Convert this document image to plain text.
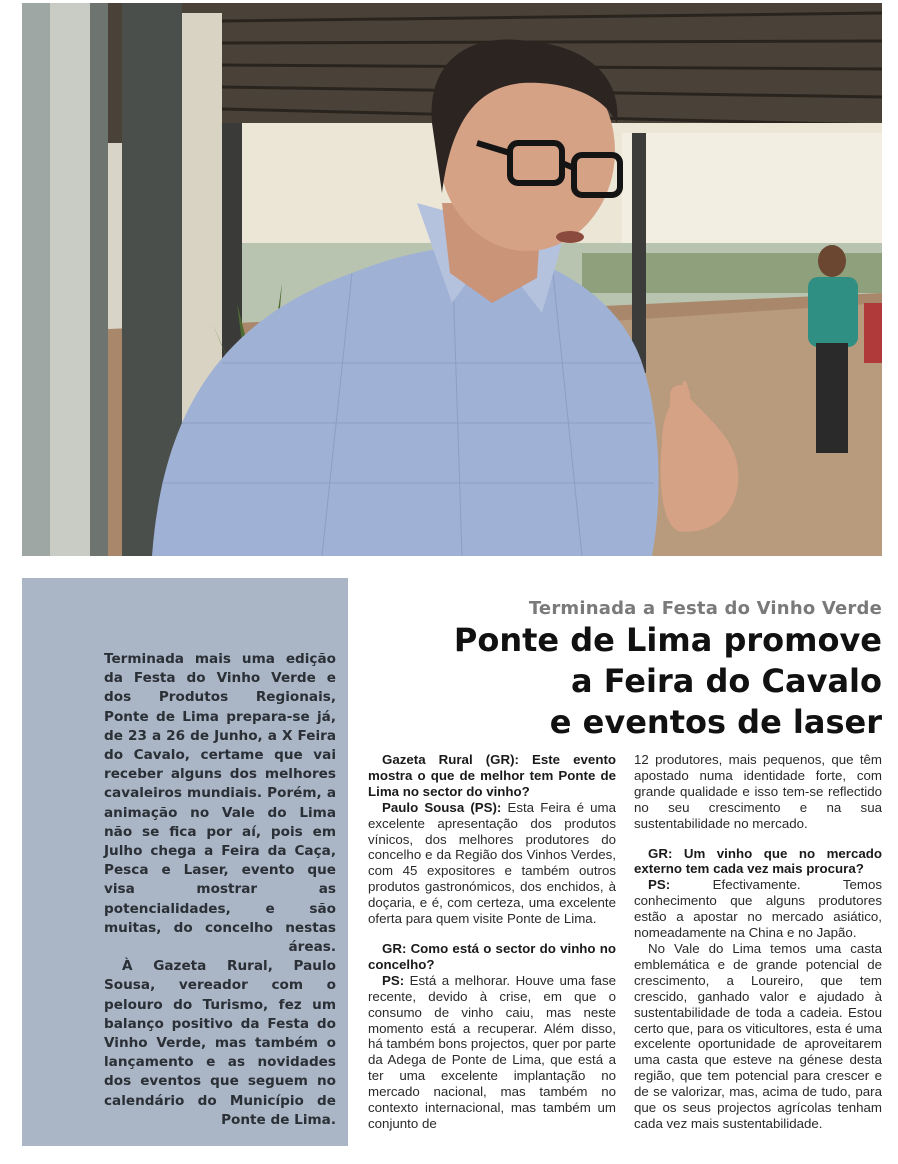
Terminada mais uma edição da Festa do Vinho Verde e dos Produtos Regionais, Ponte de Lima prepara-se já, de 23 a 26 de Junho, a X Feira do Cavalo, certame que vai receber alguns dos melhores cavaleiros mundiais. Porém, a animação no Vale do Lima não se fica por aí, pois em Julho chega a Feira da Caça, Pesca e Laser, evento que visa mostrar as potencialidades, e são muitas, do concelho nestas áreas.

À Gazeta Rural, Paulo Sousa, vereador com o pelouro do Turismo, fez um balanço positivo da Festa do Vinho Verde, mas também o lançamento e as novidades dos eventos que seguem no calendário do Município de Ponte de Lima.

Terminada a Festa do Vinho Verde

Ponte de Lima promove
a Feira do Cavalo
e eventos de laser

Gazeta Rural (GR): Este evento mostra o que de melhor tem Ponte de Lima no sector do vinho?

Paulo Sousa (PS): Esta Feira é uma excelente apresentação dos produtos vínicos, dos melhores produtores do concelho e da Região dos Vinhos Verdes, com 45 expositores e também outros produtos gastronómicos, dos enchidos, à doçaria, e é, com certeza, uma excelente oferta para quem visite Ponte de Lima.

GR: Como está o sector do vinho no concelho?

PS: Está a melhorar. Houve uma fase recente, devido à crise, em que o consumo de vinho caiu, mas neste momento está a recuperar. Além disso, há também bons projectos, quer por parte da Adega de Ponte de Lima, que está a ter uma excelente implantação no mercado nacional, mas também no contexto internacional, mas também um conjunto de

12 produtores, mais pequenos, que têm apostado numa identidade forte, com grande qualidade e isso tem-se reflectido no seu crescimento e na sua sustentabilidade no mercado.

GR: Um vinho que no mercado externo tem cada vez mais procura?

PS: Efectivamente. Temos conhecimento que alguns produtores estão a apostar no mercado asiático, nomeadamente na China e no Japão.

No Vale do Lima temos uma casta emblemática e de grande potencial de crescimento, a Loureiro, que tem crescido, ganhado valor e ajudado à sustentabilidade de toda a cadeia. Estou certo que, para os viticultores, esta é uma excelente oportunidade de aproveitarem uma casta que esteve na génese desta região, que tem potencial para crescer e de se valorizar, mas, acima de tudo, para que os seus projectos agrícolas tenham cada vez mais sustentabilidade.
